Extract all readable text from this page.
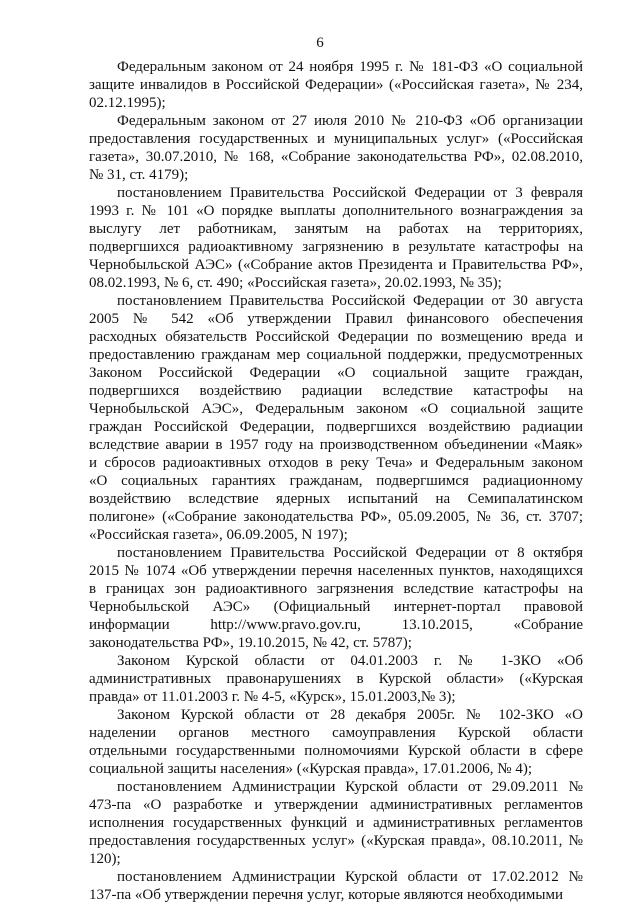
6
Федеральным законом от 24 ноября 1995 г. № 181-ФЗ «О социальной
защите инвалидов в Российской Федерации» («Российская газета», № 234,
02.12.1995);
Федеральным законом от 27 июля 2010 № 210-ФЗ «Об организации
предоставления государственных и муниципальных услуг» («Российская
газета», 30.07.2010, № 168, «Собрание законодательства РФ», 02.08.2010,
№ 31, ст. 4179);
постановлением Правительства Российской Федерации от 3 февраля
1993 г. № 101 «О порядке выплаты дополнительного вознаграждения за
выслугу лет работникам, занятым на работах на территориях,
подвергшихся радиоактивному загрязнению в результате катастрофы на
Чернобыльской АЭС» («Собрание актов Президента и Правительства РФ»,
08.02.1993, № 6, ст. 490; «Российская газета», 20.02.1993, № 35);
постановлением Правительства Российской Федерации от 30 августа
2005 № 542 «Об утверждении Правил финансового обеспечения
расходных обязательств Российской Федерации по возмещению вреда и
предоставлению гражданам мер социальной поддержки, предусмотренных
Законом Российской Федерации «О социальной защите граждан,
подвергшихся воздействию радиации вследствие катастрофы на
Чернобыльской АЭС», Федеральным законом «О социальной защите
граждан Российской Федерации, подвергшихся воздействию радиации
вследствие аварии в 1957 году на производственном объединении «Маяк»
и сбросов радиоактивных отходов в реку Теча» и Федеральным законом
«О социальных гарантиях гражданам, подвергшимся радиационному
воздействию вследствие ядерных испытаний на Семипалатинском
полигоне» («Собрание законодательства РФ», 05.09.2005, № 36, ст. 3707;
«Российская газета», 06.09.2005, N 197);
постановлением Правительства Российской Федерации от 8 октября
2015 № 1074 «Об утверждении перечня населенных пунктов, находящихся
в границах зон радиоактивного загрязнения вследствие катастрофы на
Чернобыльской АЭС» (Официальный интернет-портал правовой
информации http://www.pravo.gov.ru, 13.10.2015, «Собрание
законодательства РФ», 19.10.2015, № 42, ст. 5787);
Законом Курской области от 04.01.2003 г. № 1-ЗКО «Об
административных правонарушениях в Курской области» («Курская
правда» от 11.01.2003 г. № 4-5, «Курск», 15.01.2003,№ 3);
Законом Курской области от 28 декабря 2005г. № 102-ЗКО «О
наделении органов местного самоуправления Курской области
отдельными государственными полномочиями Курской области в сфере
социальной защиты населения» («Курская правда», 17.01.2006, № 4);
постановлением Администрации Курской области от 29.09.2011 №
473-па «О разработке и утверждении административных регламентов
исполнения государственных функций и административных регламентов
предоставления государственных услуг» («Курская правда», 08.10.2011, №
120);
постановлением Администрации Курской области от 17.02.2012 №
137-па «Об утверждении перечня услуг, которые являются необходимыми
